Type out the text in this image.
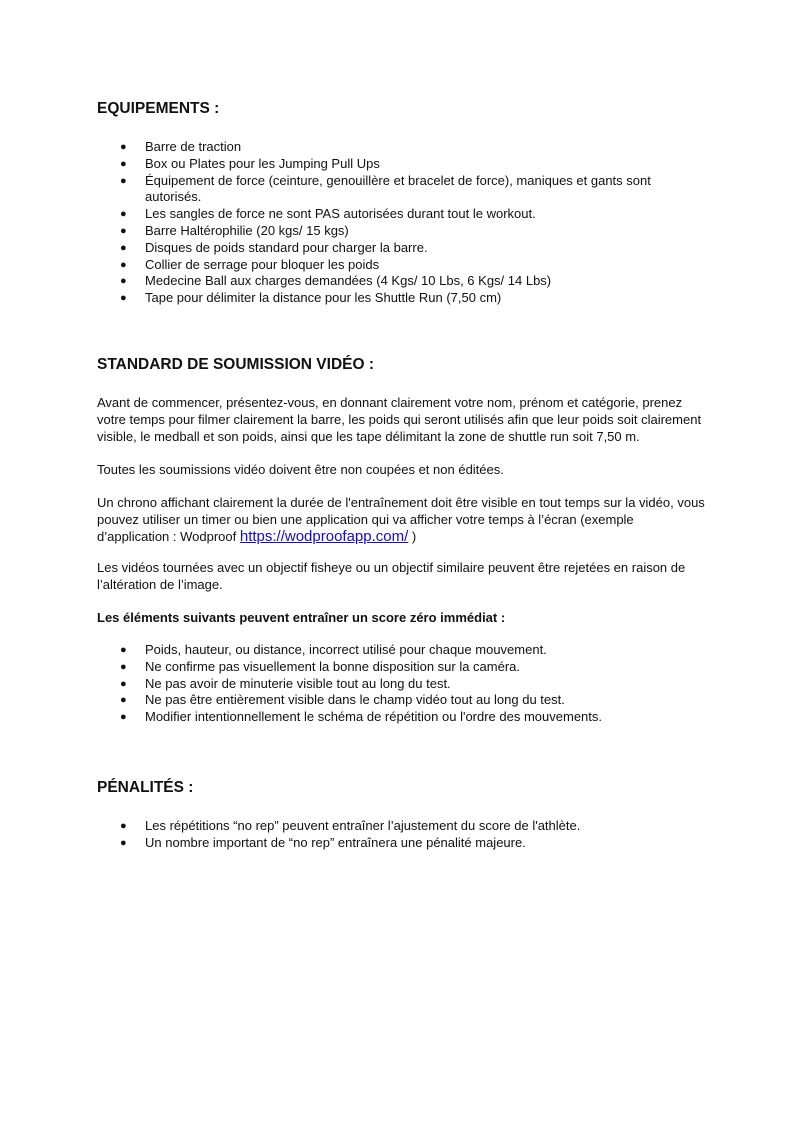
EQUIPEMENTS :
● Barre de traction
● Box ou Plates pour les Jumping Pull Ups
● Équipement de force (ceinture, genouillère et bracelet de force), maniques et gants sont autorisés.
● Les sangles de force ne sont PAS autorisées durant tout le workout.
● Barre Haltérophilie (20 kgs/ 15 kgs)
● Disques de poids standard pour charger la barre.
● Collier de serrage pour bloquer les poids
● Medecine Ball aux charges demandées (4 Kgs/ 10 Lbs, 6 Kgs/ 14 Lbs)
● Tape pour délimiter la distance pour les Shuttle Run (7,50 cm)
STANDARD DE SOUMISSION VIDÉO :

Avant de commencer, présentez-vous, en donnant clairement votre nom, prénom et catégorie, prenez votre temps pour filmer clairement la barre, les poids qui seront utilisés afin que leur poids soit clairement visible, le medball et son poids, ainsi que les tape délimitant la zone de shuttle run soit 7,50 m.

Toutes les soumissions vidéo doivent être non coupées et non éditées.

Un chrono affichant clairement la durée de l'entraînement doit être visible en tout temps sur la vidéo, vous pouvez utiliser un timer ou bien une application qui va afficher votre temps à l’écran (exemple d’application : Wodproof https://wodproofapp.com/ )

Les vidéos tournées avec un objectif fisheye ou un objectif similaire peuvent être rejetées en raison de l’altération de l’image.

Les éléments suivants peuvent entraîner un score zéro immédiat :

● Poids, hauteur, ou distance, incorrect utilisé pour chaque mouvement.
● Ne confirme pas visuellement la bonne disposition sur la caméra.
● Ne pas avoir de minuterie visible tout au long du test.
● Ne pas être entièrement visible dans le champ vidéo tout au long du test.
● Modifier intentionnellement le schéma de répétition ou l'ordre des mouvements.
PÉNALITÉS :
● Les répétitions “no rep” peuvent entraîner l’ajustement du score de l'athlète.
● Un nombre important de “no rep” entraînera une pénalité majeure.
